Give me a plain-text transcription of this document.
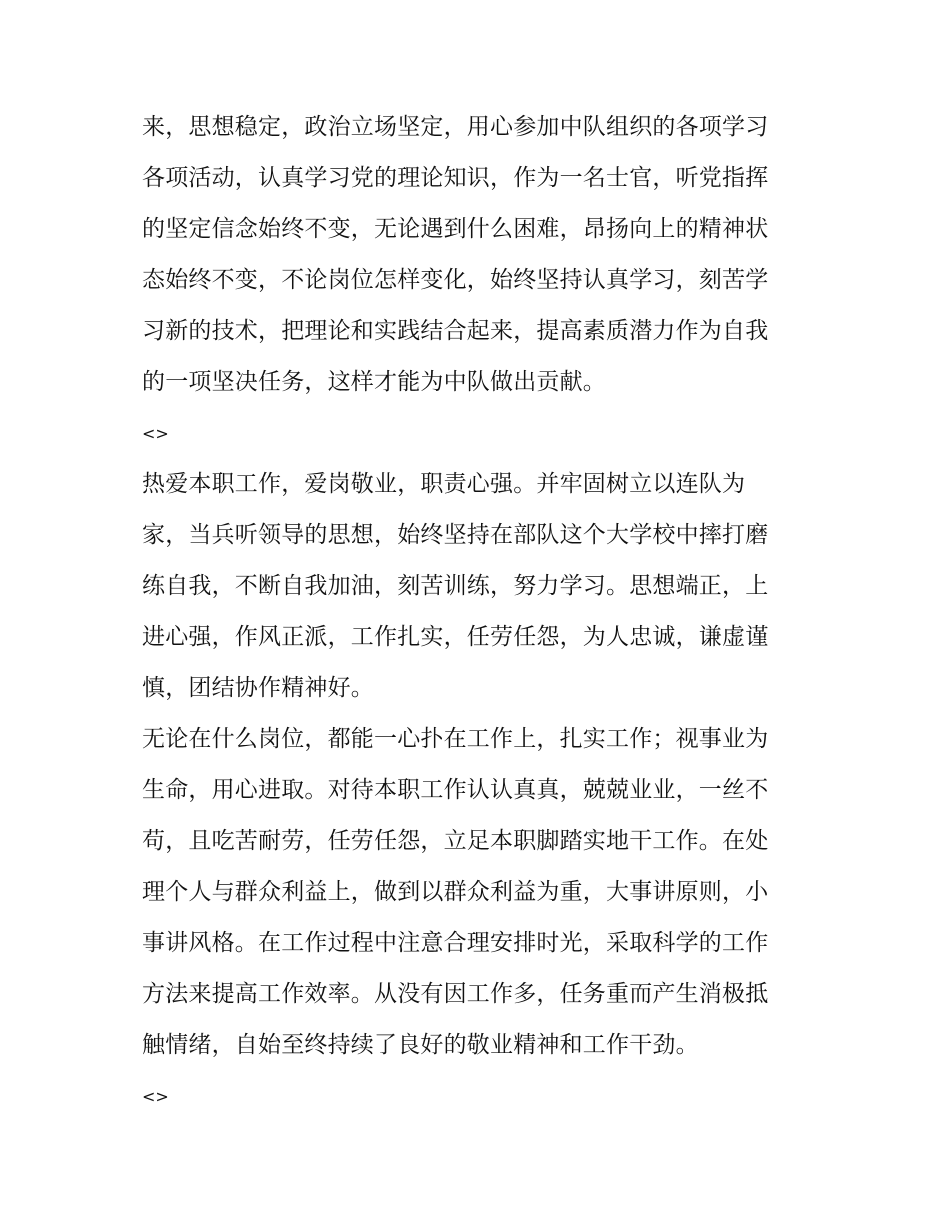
来，思想稳定，政治立场坚定，用心参加中队组织的各项学习
各项活动，认真学习党的理论知识，作为一名士官，听党指挥
的坚定信念始终不变，无论遇到什么困难，昂扬向上的精神状
态始终不变，不论岗位怎样变化，始终坚持认真学习，刻苦学
习新的技术，把理论和实践结合起来，提高素质潜力作为自我
的一项坚决任务，这样才能为中队做出贡献。
<>
热爱本职工作，爱岗敬业，职责心强。并牢固树立以连队为
家，当兵听领导的思想，始终坚持在部队这个大学校中摔打磨
练自我，不断自我加油，刻苦训练，努力学习。思想端正，上
进心强，作风正派，工作扎实，任劳任怨，为人忠诚，谦虚谨
慎，团结协作精神好。
无论在什么岗位，都能一心扑在工作上，扎实工作；视事业为
生命，用心进取。对待本职工作认认真真，兢兢业业，一丝不
苟，且吃苦耐劳，任劳任怨，立足本职脚踏实地干工作。在处
理个人与群众利益上，做到以群众利益为重，大事讲原则，小
事讲风格。在工作过程中注意合理安排时光，采取科学的工作
方法来提高工作效率。从没有因工作多，任务重而产生消极抵
触情绪，自始至终持续了良好的敬业精神和工作干劲。
<>
